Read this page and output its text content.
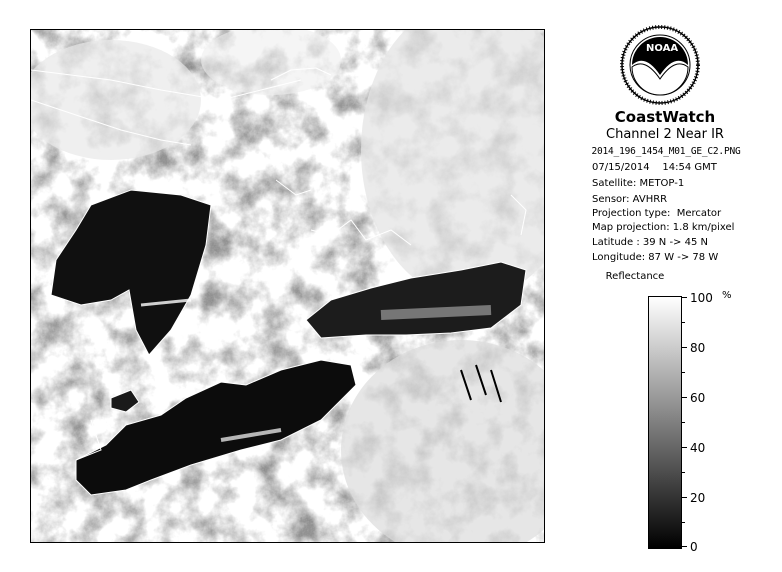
NOAA
CoastWatch
Channel 2 Near IR
2014_196_1454_M01_GE_C2.PNG
07/15/2014 14:54 GMT
Satellite: METOP-1
Sensor: AVHRR
Projection type:  Mercator
Map projection: 1.8 km/pixel
Latitude : 39 N -> 45 N
Longitude: 87 W -> 78 W
Reflectance
%
100
80
60
40
20
0
